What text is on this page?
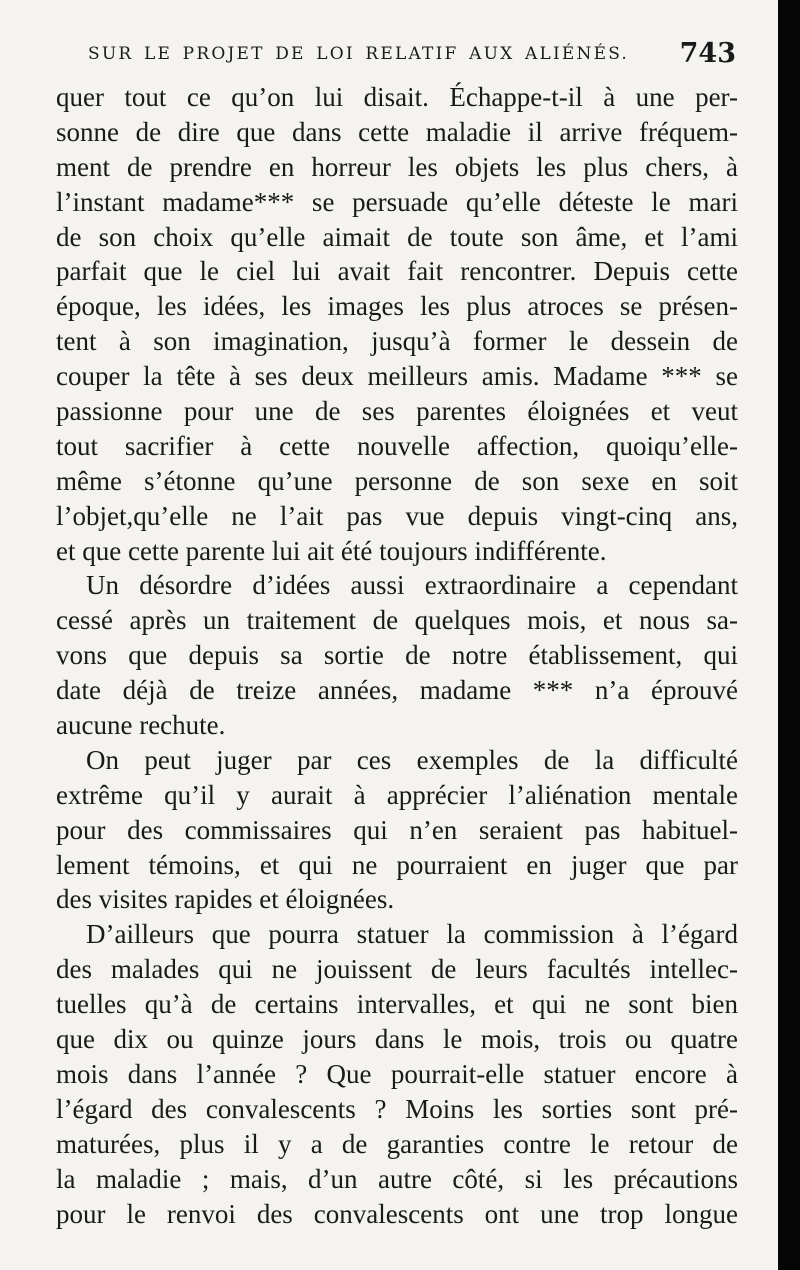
SUR LE PROJET DE LOI RELATIF AUX ALIÉNÉS. 743
quer tout ce qu’on lui disait. Échappe-t-il à une per-
sonne de dire que dans cette maladie il arrive fréquem-
ment de prendre en horreur les objets les plus chers, à
l’instant madame*** se persuade qu’elle déteste le mari
de son choix qu’elle aimait de toute son âme, et l’ami
parfait que le ciel lui avait fait rencontrer. Depuis cette
époque, les idées, les images les plus atroces se présen-
tent à son imagination, jusqu’à former le dessein de
couper la tête à ses deux meilleurs amis. Madame *** se
passionne pour une de ses parentes éloignées et veut
tout sacrifier à cette nouvelle affection, quoiqu’elle-
même s’étonne qu’une personne de son sexe en soit
l’objet,qu’elle ne l’ait pas vue depuis vingt-cinq ans,
et que cette parente lui ait été toujours indifférente.
Un désordre d’idées aussi extraordinaire a cependant
cessé après un traitement de quelques mois, et nous sa-
vons que depuis sa sortie de notre établissement, qui
date déjà de treize années, madame *** n’a éprouvé
aucune rechute.
On peut juger par ces exemples de la difficulté
extrême qu’il y aurait à apprécier l’aliénation mentale
pour des commissaires qui n’en seraient pas habituel-
lement témoins, et qui ne pourraient en juger que par
des visites rapides et éloignées.
D’ailleurs que pourra statuer la commission à l’égard
des malades qui ne jouissent de leurs facultés intellec-
tuelles qu’à de certains intervalles, et qui ne sont bien
que dix ou quinze jours dans le mois, trois ou quatre
mois dans l’année ? Que pourrait-elle statuer encore à
l’égard des convalescents ? Moins les sorties sont pré-
maturées, plus il y a de garanties contre le retour de
la maladie ; mais, d’un autre côté, si les précautions
pour le renvoi des convalescents ont une trop longue
